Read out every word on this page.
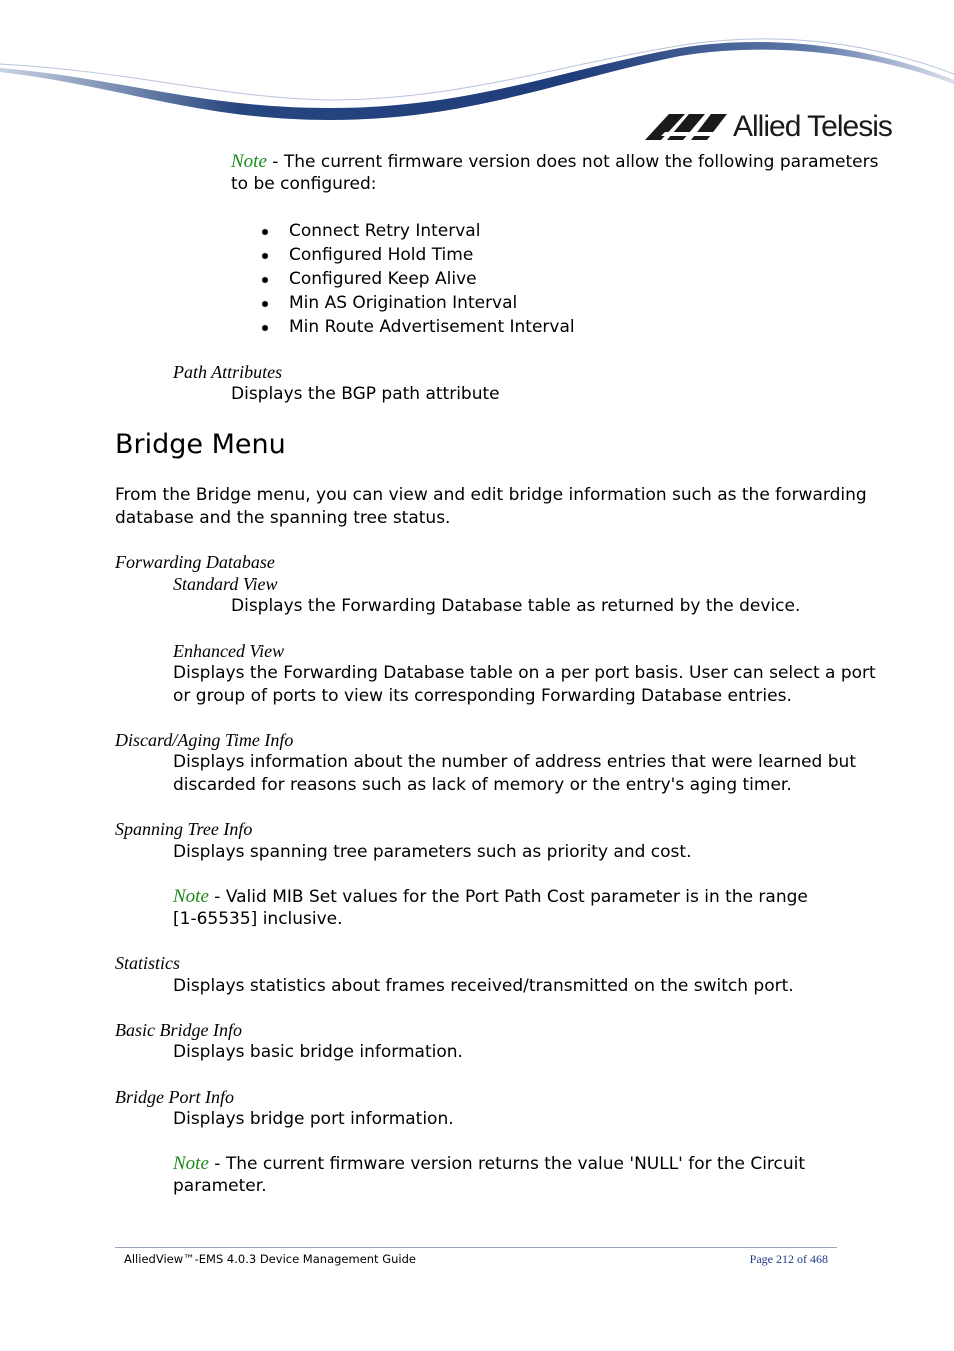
Allied Telesis
Note - The current firmware version does not allow the following parameters
to be configured:
Connect Retry Interval
Configured Hold Time
Configured Keep Alive
Min AS Origination Interval
Min Route Advertisement Interval
Path Attributes
Displays the BGP path attribute
Bridge Menu
From the Bridge menu, you can view and edit bridge information such as the forwarding
database and the spanning tree status.
Forwarding Database
Standard View
Displays the Forwarding Database table as returned by the device.
Enhanced View
Displays the Forwarding Database table on a per port basis. User can select a port
or group of ports to view its corresponding Forwarding Database entries.
Discard/Aging Time Info
Displays information about the number of address entries that were learned but
discarded for reasons such as lack of memory or the entry's aging timer.
Spanning Tree Info
Displays spanning tree parameters such as priority and cost.
Note - Valid MIB Set values for the Port Path Cost parameter is in the range
[1-65535] inclusive.
Statistics
Displays statistics about frames received/transmitted on the switch port.
Basic Bridge Info
Displays basic bridge information.
Bridge Port Info
Displays bridge port information.
Note - The current firmware version returns the value 'NULL' for the Circuit
parameter.
AlliedView™-EMS 4.0.3 Device Management Guide	Page 212 of 468
